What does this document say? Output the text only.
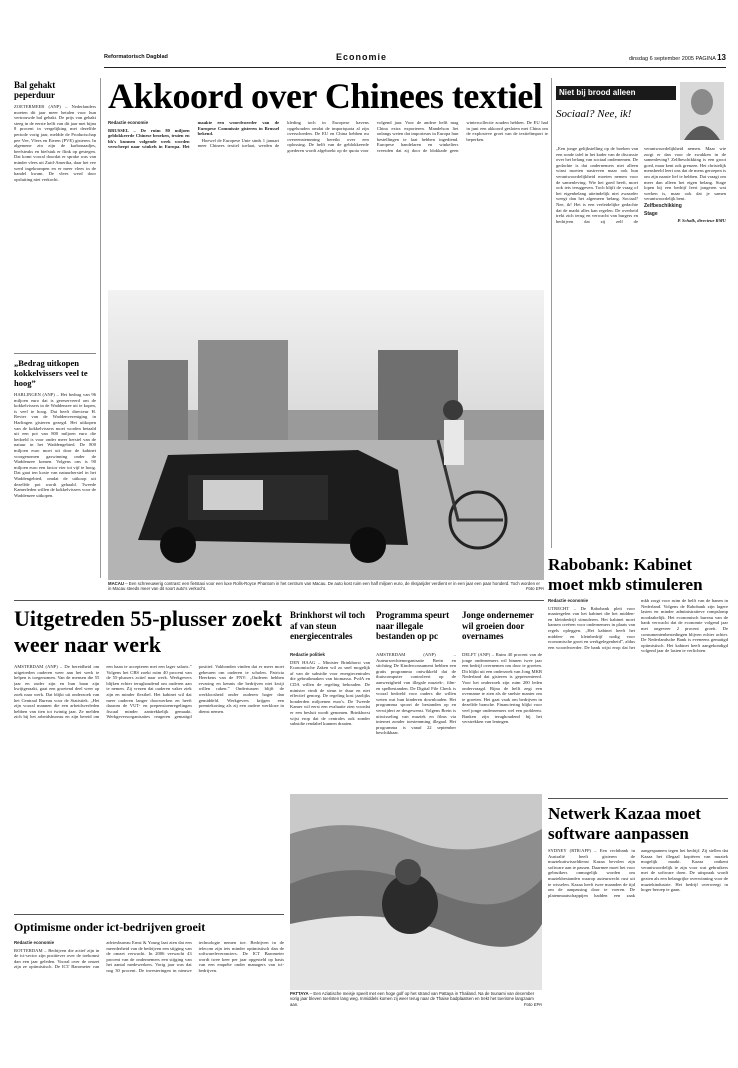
Reformatorisch Dagblad	Economie	dinsdag 6 september 2005 PAGINA 13
Bal gehakt peperduur
ZOETERMEER (ANP) – Nederlanders moeten dit jaar meer betalen voor hun vertrouwde bal gehakt. De prijs van gehakt steeg in de eerste helft van dit jaar met bijna 8 procent in vergelijking met dezelfde periode vorig jaar, meldde de Productschap pee Vee, Vlees en Eieren (PVE) gisteren. In algemene zin zijn de karbonaadjes, beefsteaks en biefstuk er flink op gestegen. Dat komt vooral doordat er sprake was van minder vlees uit Zuid-Amerika, daar het vee werd ingekrompen en er meer vlees in de handel kwam. De vlees werd door opsluiting niet verkocht.
„Bedrag uitkopen kokkelvissers veel te hoog”
HARLINGEN (ANP) – Het bedrag van 96 miljoen euro dat is gereserveerd om de kokkelvissers in de Waddenzee uit te kopen, is veel te hoog. Dat heeft directeur H. Revier van de Waddenvereniging in Harlingen gisteren gezegd. Het uitkopen van de kokkelvissers moet worden betaald uit een pot van 800 miljoen euro die bedoeld is voor onder meer herstel van de natuur in het Waddengebied. De 800 miljoen euro moet uit door de kabinet voorgenomen gaswinning onder de Waddenzee komen. Volgens ons is 90 miljoen euro een factor vier tot vijf te hoog. Dat gaat ten koste van natuurherstel in het Waddengebied, omdat de uitkoop uit dezelfde pot wordt gehaald. Tweede Kamerleden willen de kokkelvissers voor de Waddenzee uitkopen.
Akkoord over Chinees textiel
Redactie economie

BRUSSEL – De ruim 80 miljoen geblokkeerde Chinese broeken, truien en bh's kunnen volgende week worden verscheept naar winkels in Europa. Het maakte een woordvoerder van de Europese Commissie gisteren in Brussel bekend.

Hoewel de Europese Unie sinds 1 januari meer Chinees textiel toelaat, werden de kleding toch in Europese havens opgehouden omdat de importquota al zijn overschreden. De EU en China hebben nu overeenstemming bereikt over een oplossing. De helft van de geblokkeerde goederen wordt afgeboekt op de quota voor volgend jaar. Voor de andere helft mag China extra exporteren. Mandelson liet onlangs weten dat importeurs in Europa hun bestellingen te laat hebben ingediend. Europese handelaren en winkeliers vreesden dat zij door de blokkade geen wintercollectie zouden hebben. De EU had in juni een akkoord gesloten met China om de explosieve groei van de textielimport te beperken.

Niet bij brood alleen
Sociaal? Nee, ik!

„Een jonge gelijkstelling op de boeken van een ronde tafel in het kader van de discussie over het belang van sociaal ondernemen. De gedachte is dat ondernemers niet alleen winst moeten nastreven maar ook hun verantwoordelijkheid moeten nemen voor de samenleving. Wie het goed heeft, moet ook iets teruggeven. Toch blijft de vraag of het eigenbelang uiteindelijk niet zwaarder weegt dan het algemeen belang. Sociaal? Nee, ik! Het is een verleidelijke gedachte dat de markt alles kan regelen. De overheid trekt zich terug en verwacht van burgers en bedrijven dat zij zelf de verantwoordelijkheid nemen. Maar wie zorgt er dan voor de zwakken in de samenleving? Zelfbeschikking is een groot goed, maar kent ook grenzen. Het christelijk mensbeeld leert ons dat de mens geroepen is om zijn naaste lief te hebben. Dat vraagt om meer dan alleen het eigen belang. Stage lopen bij een bedrijf leert jongeren wat werken is, maar ook dat je samen verantwoordelijk bent.

Zelfbeschikking
Stage

P. Schalk, directeur RMU

MACAU – Een schreeuwerig contrast: een fietstaxi voor een luxe Rolls-Royce Phantom in het centrum van Macau. De auto kost ruim een half miljoen euro, de riksjarijder verdient er in een jaar een paar honderd. Toch worden er in Macau steeds meer van dit soort auto's verkocht.	Foto EPA
Rabobank: Kabinet moet mkb stimuleren
Redactie economie

UTRECHT – De Rabobank pleit voor maatregelen van het kabinet die het midden- en kleinbedrijf stimuleren. Het kabinet moet kansen creëren voor ondernemers in plaats van regels opleggen. „Het kabinet heeft het midden- en kleinbedrijf nodig voor economische groei en werkgelegenheid”, aldus een woordvoerder. De bank wijst erop dat het mkb zorgt voor ruim de helft van de banen in Nederland. Volgens de Rabobank zijn lagere lasten en minder administratieve rompslomp noodzakelijk. Het economisch bureau van de bank verwacht dat de economie volgend jaar met ongeveer 2 procent groeit. De consumentenbestedingen blijven echter achter. De Nederlandsche Bank is eveneens gematigd optimistisch. Het kabinet heeft aangekondigd volgend jaar de lasten te verlichten.

Uitgetreden 55-plusser zoekt weer naar werk

AMSTERDAM (ANP) – De bereidheid om uitgetreden ouderen weer aan het werk te helpen is toegenomen. Van de mensen die 55 jaar en ouder zijn en hun baan zijn kwijtgeraakt, gaat een groeiend deel weer op zoek naar werk. Dat blijkt uit onderzoek van het Centraal Bureau voor de Statistiek. „Het zijn vooral mannen die een arbeidsverleden hebben van tien tot twintig jaar. Ze melden zich bij het arbeidsbureau en zijn bereid om een baan te accepteren met een lager salaris.” Volgens het CBS zoekt ruim 40 procent van de 55-plussers actief naar werk. Werkgevers blijken echter terughoudend om ouderen aan te nemen. Zij vrezen dat ouderen vaker ziek zijn en minder flexibel. Het kabinet wil dat meer ouderen langer doorwerken en heeft daarom de VUT- en prepensioenregelingen fiscaal minder aantrekkelijk gemaakt. Werkgeversorganisaties reageren gematigd positief. Vakbonden vinden dat er meer moet gebeuren om ouderen te scholen. Patricia Heerkens van de FNV: „Ouderen hebben ervaring en kennis die bedrijven niet kwijt willen raken.” Ondertussen blijft de werkloosheid onder ouderen hoger dan gemiddeld. Werkgevers krijgen een premiekorting als zij een oudere werkloze in dienst nemen.

Brinkhorst wil toch af van steun energiecentrales
Redactie politiek

DEN HAAG – Minister Brinkhorst van Economische Zaken wil zo snel mogelijk af van de subsidie voor energiecentrales die gebruikmaken van biomassa. PvdA en CDA willen de regeling behouden. De minister vindt de steun te duur en niet effectief genoeg. De regeling kost jaarlijks honderden miljoenen euro's. De Tweede Kamer wil eerst een evaluatie zien voordat er een besluit wordt genomen. Brinkhorst wijst erop dat de centrales ook zonder subsidie rendabel kunnen draaien.

Programma speurt naar illegale bestanden op pc

AMSTERDAM (ANP) – Auteursrechtenorganisatie Brein en stichting De Kinderconsument hebben een gratis programma ontwikkeld dat de thuiscomputer controleert op de aanwezigheid van illegale muziek-, film- en spelbestanden. De Digital File Check is vooral bedoeld voor ouders die willen weten wat hun kinderen downloaden. Het programma spoort de bestanden op en verwijdert ze desgewenst. Volgens Brein is uitwisseling van muziek en films via internet zonder toestemming illegaal. Het programma is vanaf 22 september beschikbaar.

Jonge ondernemer wil groeien door overnames

DELFT (ANP) – Ruim 40 procent van de jonge ondernemers wil binnen twee jaar een bedrijf overnemen om door te groeien. Dit blijkt uit een onderzoek van Jong MKB Nederland dat gisteren is gepresenteerd. Voor het onderzoek zijn ruim 200 leden ondervraagd. Bijna de helft zegt een overname te zien als de snelste manier om te groeien. Het gaat vaak om bedrijven in dezelfde branche. Financiering blijkt voor veel jonge ondernemers wel een probleem. Banken zijn terughoudend bij het verstrekken van leningen.

PATTAYA – Een Aziatische meisje speelt met een hoge golf op het strand van Pattaya in Thailand. Na de tsunami van december vorig jaar bleven toeristen lang weg. Inmiddels komen zij weer terug naar de Thaise badplaatsen en trekt het toerisme langzaam aan.	Foto EPA
Optimisme onder ict-bedrijven groeit
Redactie economie

ROTTERDAM – Bedrijven die actief zijn in de ict-sector zijn positiever over de toekomst dan een jaar geleden. Vooral over de omzet zijn ze optimistisch. De ICT Barometer van adviesbureau Ernst & Young laat zien dat een meerderheid van de bedrijven een stijging van de omzet verwacht. In 2006 verwacht 43 procent van de ondernemers een stijging van het aantal medewerkers. Vorig jaar was dat nog 30 procent. De investeringen in nieuwe technologie nemen toe. Bedrijven in de telecom zijn iets minder optimistisch dan de softwareleveranciers. De ICT Barometer wordt twee keer per jaar opgesteld op basis van een enquête onder managers van ict-bedrijven.

Netwerk Kazaa moet software aanpassen

SYDNEY (RTR/AFP) – Een rechtbank in Australië heeft gisteren de muziekuitwisseldienst Kazaa bevolen zijn software aan te passen. Daarmee moet het voor gebruikers onmogelijk worden om muziekbestanden waarop auteursrecht rust uit te wisselen. Kazaa heeft twee maanden de tijd om de aanpassing door te voeren. De platenmaatschappijen hadden een zaak aangespannen tegen het bedrijf. Zij stellen dat Kazaa het illegaal kopiëren van muziek mogelijk maakt. Kazaa ontkent verantwoordelijk te zijn voor wat gebruikers met de software doen. De uitspraak wordt gezien als een belangrijke overwinning voor de muziekindustrie. Het bedrijf overweegt in hoger beroep te gaan.
